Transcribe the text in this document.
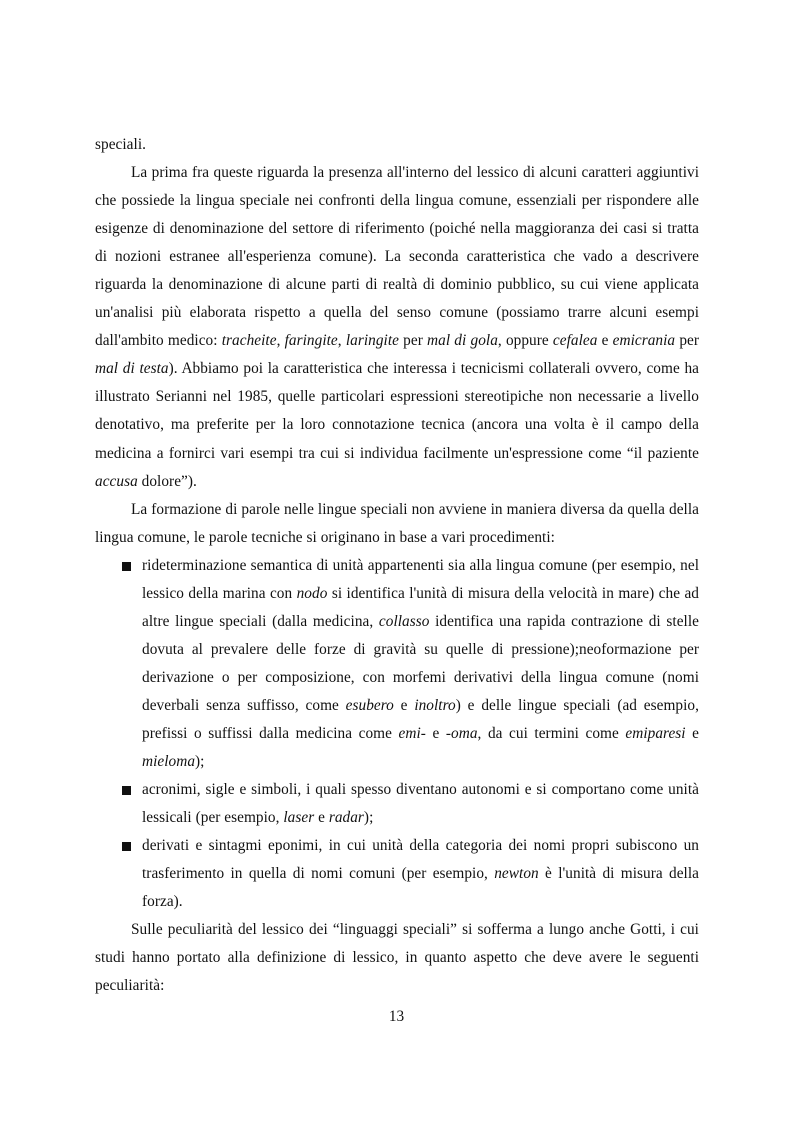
speciali.

La prima fra queste riguarda la presenza all'interno del lessico di alcuni caratteri aggiuntivi che possiede la lingua speciale nei confronti della lingua comune, essenziali per rispondere alle esigenze di denominazione del settore di riferimento (poiché nella maggioranza dei casi si tratta di nozioni estranee all'esperienza comune). La seconda caratteristica che vado a descrivere riguarda la denominazione di alcune parti di realtà di dominio pubblico, su cui viene applicata un'analisi più elaborata rispetto a quella del senso comune (possiamo trarre alcuni esempi dall'ambito medico: tracheite, faringite, laringite per mal di gola, oppure cefalea e emicrania per mal di testa). Abbiamo poi la caratteristica che interessa i tecnicismi collaterali ovvero, come ha illustrato Serianni nel 1985, quelle particolari espressioni stereotipiche non necessarie a livello denotativo, ma preferite per la loro connotazione tecnica (ancora una volta è il campo della medicina a fornirci vari esempi tra cui si individua facilmente un'espressione come “il paziente accusa dolore”).

La formazione di parole nelle lingue speciali non avviene in maniera diversa da quella della lingua comune, le parole tecniche si originano in base a vari procedimenti:

rideterminazione semantica di unità appartenenti sia alla lingua comune (per esempio, nel lessico della marina con nodo si identifica l'unità di misura della velocità in mare) che ad altre lingue speciali (dalla medicina, collasso identifica una rapida contrazione di stelle dovuta al prevalere delle forze di gravità su quelle di pressione);neoformazione per derivazione o per composizione, con morfemi derivativi della lingua comune (nomi deverbali senza suffisso, come esubero e inoltro) e delle lingue speciali (ad esempio, prefissi o suffissi dalla medicina come emi- e -oma, da cui termini come emiparesi e mieloma);
acronimi, sigle e simboli, i quali spesso diventano autonomi e si comportano come unità lessicali (per esempio, laser e radar);
derivati e sintagmi eponimi, in cui unità della categoria dei nomi propri subiscono un trasferimento in quella di nomi comuni (per esempio, newton è l'unità di misura della forza).

Sulle peculiarità del lessico dei “linguaggi speciali” si sofferma a lungo anche Gotti, i cui studi hanno portato alla definizione di lessico, in quanto aspetto che deve avere le seguenti peculiarità:

13
